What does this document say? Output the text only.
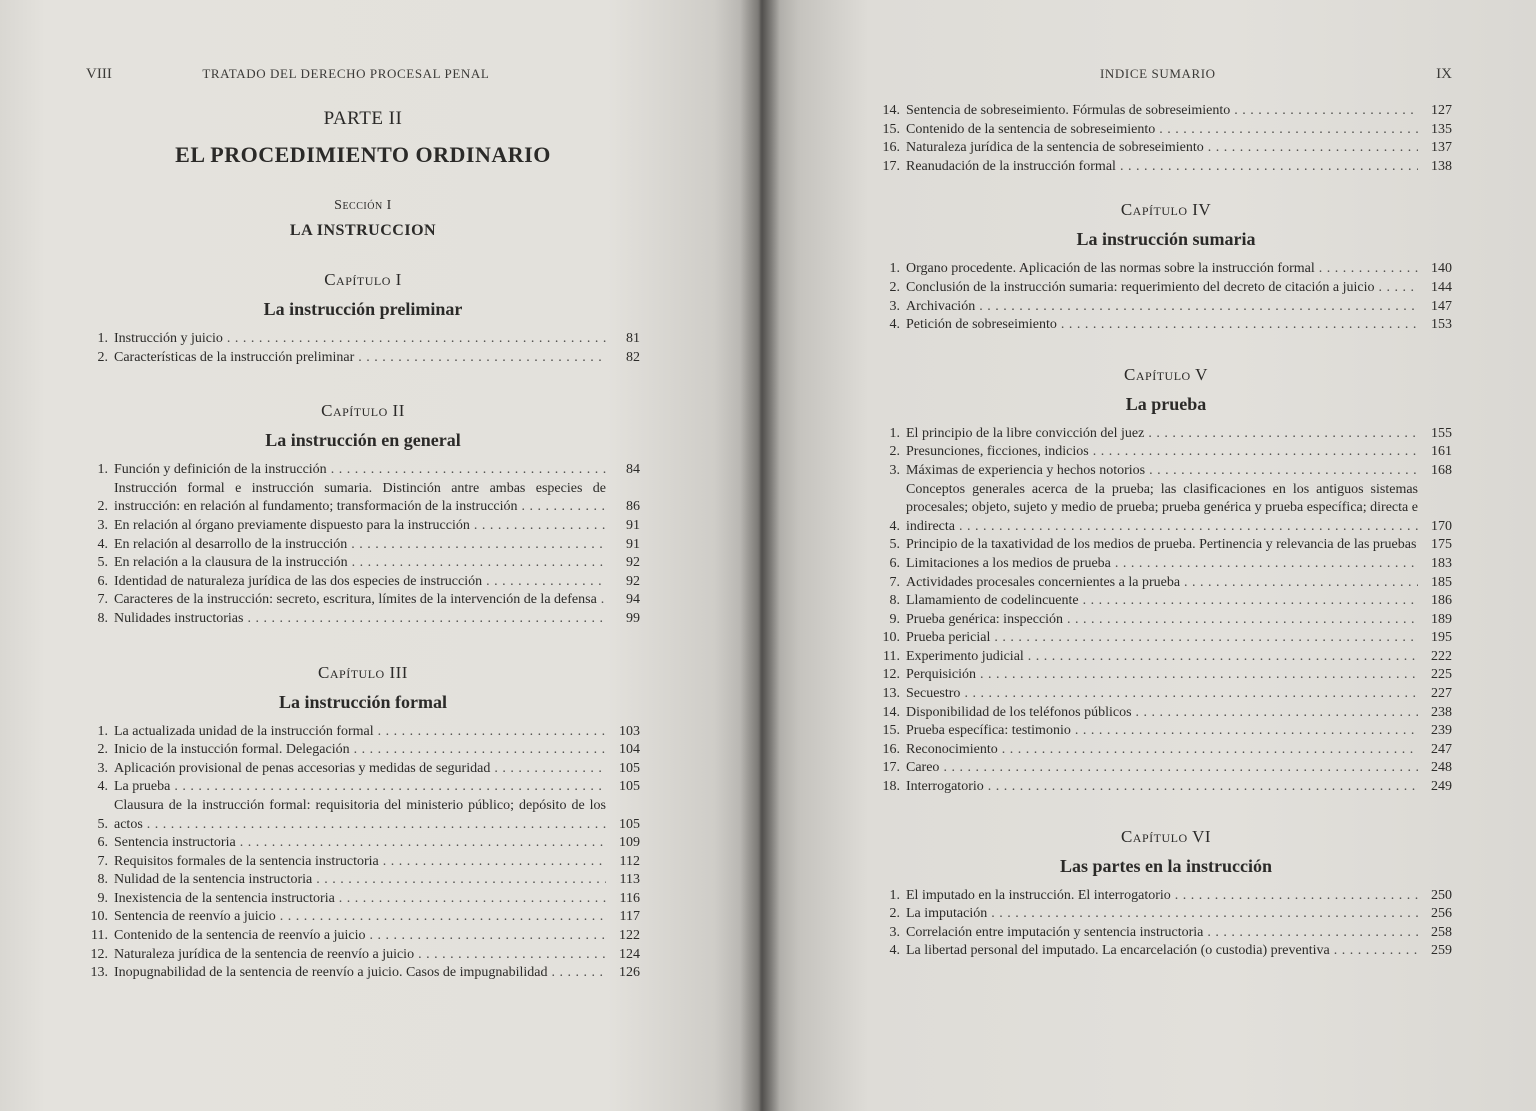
VIII	TRATADO DEL DERECHO PROCESAL PENAL
PARTE II
EL PROCEDIMIENTO ORDINARIO
Sección I
LA INSTRUCCION
Capítulo I
La instrucción preliminar
1. Instrucción y juicio . . .	81
2. Características de la instrucción preliminar . . .	82
Capítulo II
La instrucción en general
1. Función y definición de la instrucción . . .	84
2.
Instrucción formal e instrucción sumaria. Distinción antre ambas especies de instrucción: en relación al fundamento; transformación de la instrucción . . .	86
3. En relación al órgano previamente dispuesto para la instrucción . . .	91
4. En relación al desarrollo de la instrucción . . .	91
5. En relación a la clausura de la instrucción . . .	92
6. Identidad de naturaleza jurídica de las dos especies de instrucción . . .	92
7. Caracteres de la instrucción: secreto, escritura, límites de la intervención de la defensa . . .	94
8. Nulidades instructorias . . .	99
Capítulo III
La instrucción formal
1. La actualizada unidad de la instrucción formal . . .	103
2. Inicio de la instucción formal. Delegación . . .	104
3. Aplicación provisional de penas accesorias y medidas de seguridad . . .	105
4. La prueba . . .	105
5.
Clausura de la instrucción formal: requisitoria del ministerio público; depósito de los actos . . .	105
6. Sentencia instructoria . . .	109
7. Requisitos formales de la sentencia instructoria . . .	112
8. Nulidad de la sentencia instructoria . . .	113
9. Inexistencia de la sentencia instructoria . . .	116
10. Sentencia de reenvío a juicio . . .	117
11. Contenido de la sentencia de reenvío a juicio . . .	122
12. Naturaleza jurídica de la sentencia de reenvío a juicio . . .	124
13. Inopugnabilidad de la sentencia de reenvío a juicio. Casos de impugnabilidad . . .	126
INDICE SUMARIO	IX
14. Sentencia de sobreseimiento. Fórmulas de sobreseimiento . . .	127
15. Contenido de la sentencia de sobreseimiento . . .	135
16. Naturaleza jurídica de la sentencia de sobreseimiento . . .	137
17. Reanudación de la instrucción formal . . .	138
Capítulo IV
La instrucción sumaria
1. Organo procedente. Aplicación de las normas sobre la instrucción formal . . .	140
2. Conclusión de la instrucción sumaria: requerimiento del decreto de citación a juicio . . .	144
3. Archivación . . .	147
4. Petición de sobreseimiento . . .	153
Capítulo V
La prueba
1. El principio de la libre convicción del juez . . .	155
2. Presunciones, ficciones, indicios . . .	161
3. Máximas de experiencia y hechos notorios . . .	168
4.
Conceptos generales acerca de la prueba; las clasificaciones en los antiguos sistemas procesales; objeto, sujeto y medio de prueba; prueba genérica y prueba específica; directa e indirecta . . .	170
5. Principio de la taxatividad de los medios de prueba. Pertinencia y relevancia de las pruebas . . .	175
6. Limitaciones a los medios de prueba . . .	183
7. Actividades procesales concernientes a la prueba . . .	185
8. Llamamiento de codelincuente . . .	186
9. Prueba genérica: inspección . . .	189
10. Prueba pericial . . .	195
11. Experimento judicial . . .	222
12. Perquisición . . .	225
13. Secuestro . . .	227
14. Disponibilidad de los teléfonos públicos . . .	238
15. Prueba específica: testimonio . . .	239
16. Reconocimiento . . .	247
17. Careo . . .	248
18. Interrogatorio . . .	249
Capítulo VI
Las partes en la instrucción
1. El imputado en la instrucción. El interrogatorio . . .	250
2. La imputación . . .	256
3. Correlación entre imputación y sentencia instructoria . . .	258
4. La libertad personal del imputado. La encarcelación (o custodia) preventiva . . .	259
